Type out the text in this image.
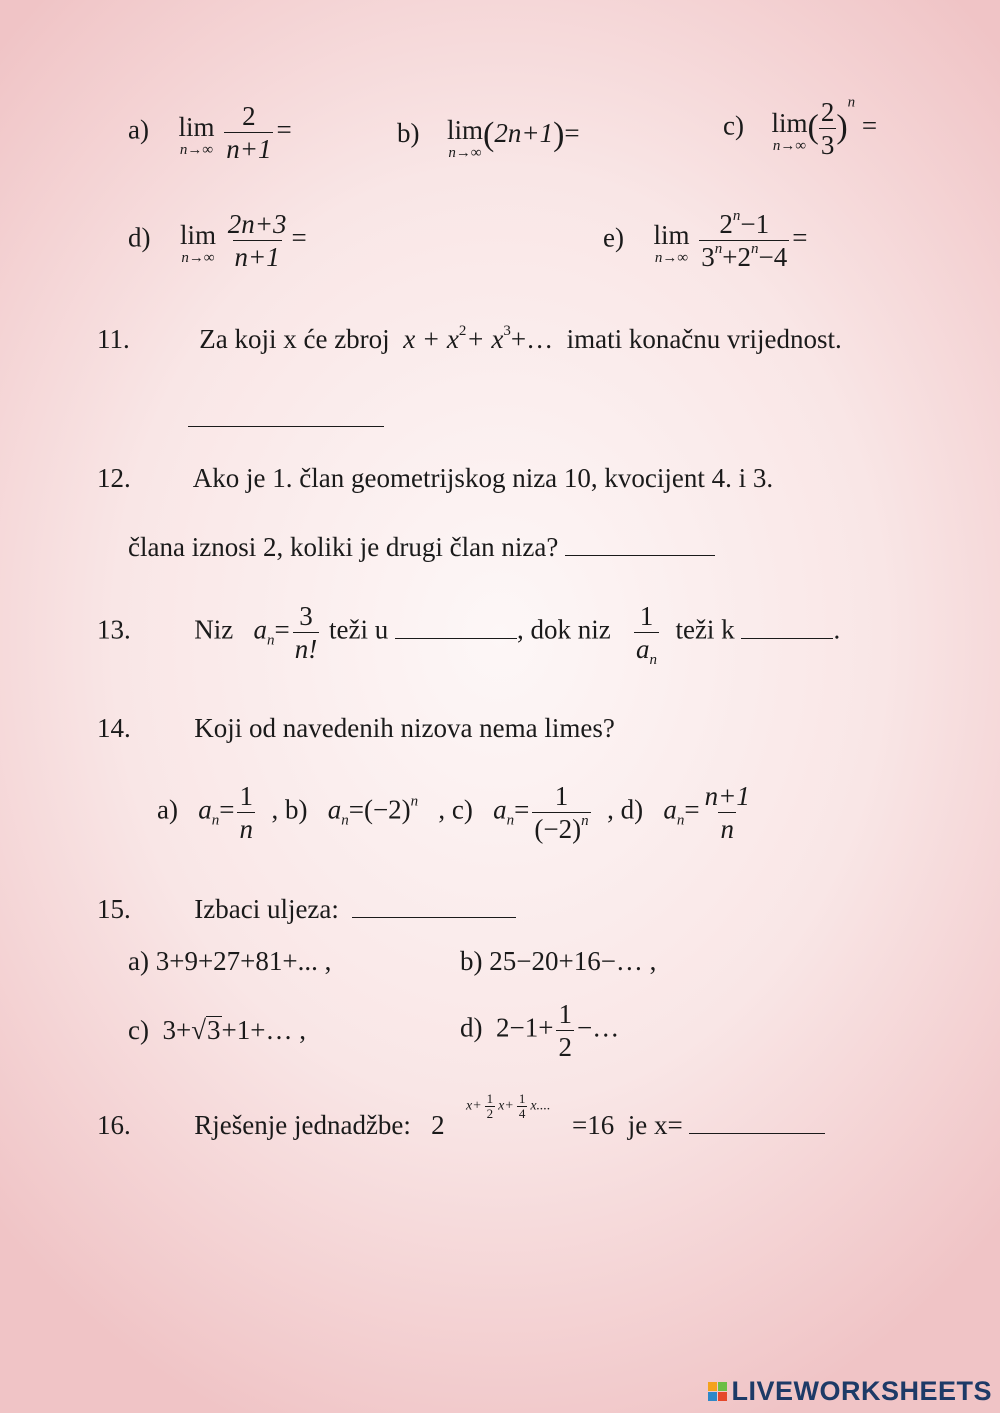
a) lim
n→∞
$\frac{2}{n+1}$ =	b) lim
n→∞ (2n+1)=	c) lim
n→∞ ( $\frac{2}{3} )^n$ =
d) lim
n→∞
$\frac{2n+3}{n+1}$ =	e) lim
n→∞
$\frac{2^n-1}{3^n+2^n-4}$ =
11.	Za koji x će zbroj $x + x^2+$ $x^3+\dots$ imati konačnu vrijednost.
12. Ako je 1. član geometrijskog niza 10, kvocijent 4. i 3.
člana iznosi 2, koliki je drugi član niza?
13. Niz $a_n= \frac{3}{n!}$ teži u	, dok niz $\frac{1}{a_n}$ teži k	.
14. Koji od navedenih nizova nema limes?
a) $a_n= \frac{1}{n}$ , b) $a_n=(-2)^n$ , c) $a_n= \frac{1}{(-2)^n}$ , d) $a_n= \frac{n+1}{n}$
15. Izbaci uljeza:
a) 3+9+27+81+... ,	b) 25−20+16−… ,
c) 3+√3+1+… ,	d) $2-1+ \frac{1}{2}$ −…
16. Rješenje jednadžbe: 2
$x+ \frac{1}{2} x+ \frac{1}{4} x$....
=16 je x=
LIVEWORKSHEETS
